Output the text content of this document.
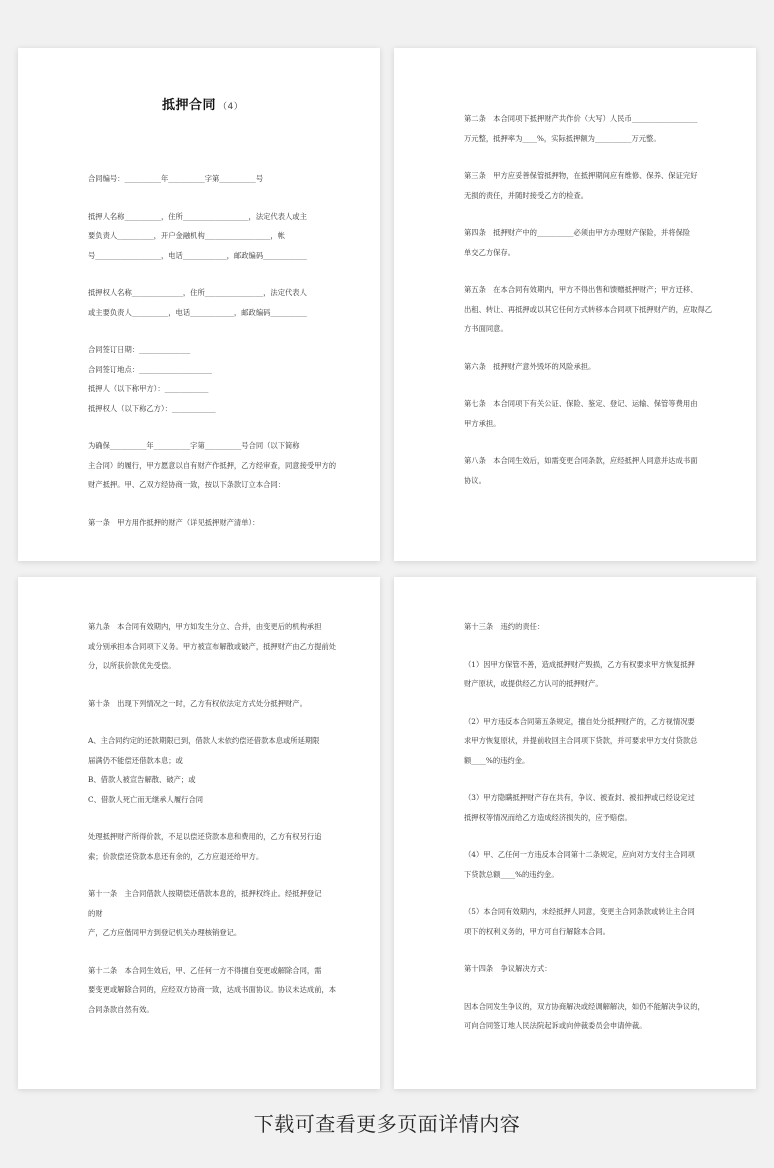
抵押合同 （4）
合同编号：__________年__________字第__________号
抵押人名称__________，住所__________________，法定代表人或主
要负责人__________，开户金融机构__________________，帐
号__________________，电话____________，邮政编码____________
抵押权人名称______________，住所________________，法定代表人
或主要负责人__________，电话____________，邮政编码__________
合同签订日期：______________
合同签订地点：____________________
抵押人（以下称甲方）：____________
抵押权人（以下称乙方）：____________
为确保__________年__________字第__________号合同（以下简称
主合同）的履行，甲方愿意以自有财产作抵押，乙方经审查，同意接受甲方的
财产抵押。甲、乙双方经协商一致，按以下条款订立本合同：
第一条　甲方用作抵押的财产（详见抵押财产清单）：
第二条　本合同项下抵押财产共作价（大写）人民币__________________
万元整，抵押率为____%，实际抵押额为__________万元整。
第三条　甲方应妥善保管抵押物，在抵押期间应有维修、保养、保证完好
无损的责任，并随时接受乙方的检查。
第四条　抵押财产中的__________必须由甲方办理财产保险，并将保险
单交乙方保存。
第五条　在本合同有效期内，甲方不得出售和馈赠抵押财产；甲方迁移、
出租、转让、再抵押或以其它任何方式转移本合同项下抵押财产的，应取得乙
方书面同意。
第六条　抵押财产意外毁坏的风险承担。
第七条　本合同项下有关公证、保险、鉴定、登记、运输、保管等费用由
甲方承担。
第八条　本合同生效后，如需变更合同条款，应经抵押人同意并达成书面
协议。
第九条　本合同有效期内，甲方如发生分立、合并，由变更后的机构承担
或分别承担本合同项下义务。甲方被宣布解散或破产，抵押财产由乙方提前处
分，以所获价款优先受偿。
第十条　出现下列情况之一时，乙方有权依法定方式处分抵押财产。
A、主合同约定的还款期限已到，借款人未依约偿还借款本息或所延期限
届满仍不能偿还借款本息；或
B、借款人被宣告解散、破产；或
C、借款人死亡而无继承人履行合同
处理抵押财产所得价款，不足以偿还贷款本息和费用的，乙方有权另行追
索；价款偿还贷款本息还有余的，乙方应退还给甲方。
第十一条　主合同借款人按期偿还借款本息的，抵押权终止。经抵押登记
的财
产，乙方应偕同甲方到登记机关办理核销登记。
第十二条　本合同生效后，甲、乙任何一方不得擅自变更或解除合同，需
要变更或解除合同的，应经双方协商一致，达成书面协议。协议未达成前，本
合同条款自然有效。
第十三条　违约的责任：
（1）因甲方保管不善，造成抵押财产毁损，乙方有权要求甲方恢复抵押
财产原状，或提供经乙方认可的抵押财产。
（2）甲方违反本合同第五条规定，擅自处分抵押财产的，乙方视情况要
求甲方恢复原状，并提前收回主合同项下贷款，并可要求甲方支付贷款总
额____%的违约金。
（3）甲方隐瞒抵押财产存在共有，争议、被查封、被扣押或已经设定过
抵押权等情况而给乙方造成经济损失的，应予赔偿。
（4）甲、乙任何一方违反本合同第十二条规定，应向对方支付主合同项
下贷款总额____%的违约金。
（5）本合同有效期内，未经抵押人同意，变更主合同条款或转让主合同
项下的权利义务的，甲方可自行解除本合同。
第十四条　争议解决方式：
因本合同发生争议的，双方协商解决或经调解解决，如仍不能解决争议的，
可向合同签订地人民法院起诉或向仲裁委员会申请仲裁。
下载可查看更多页面详情内容
